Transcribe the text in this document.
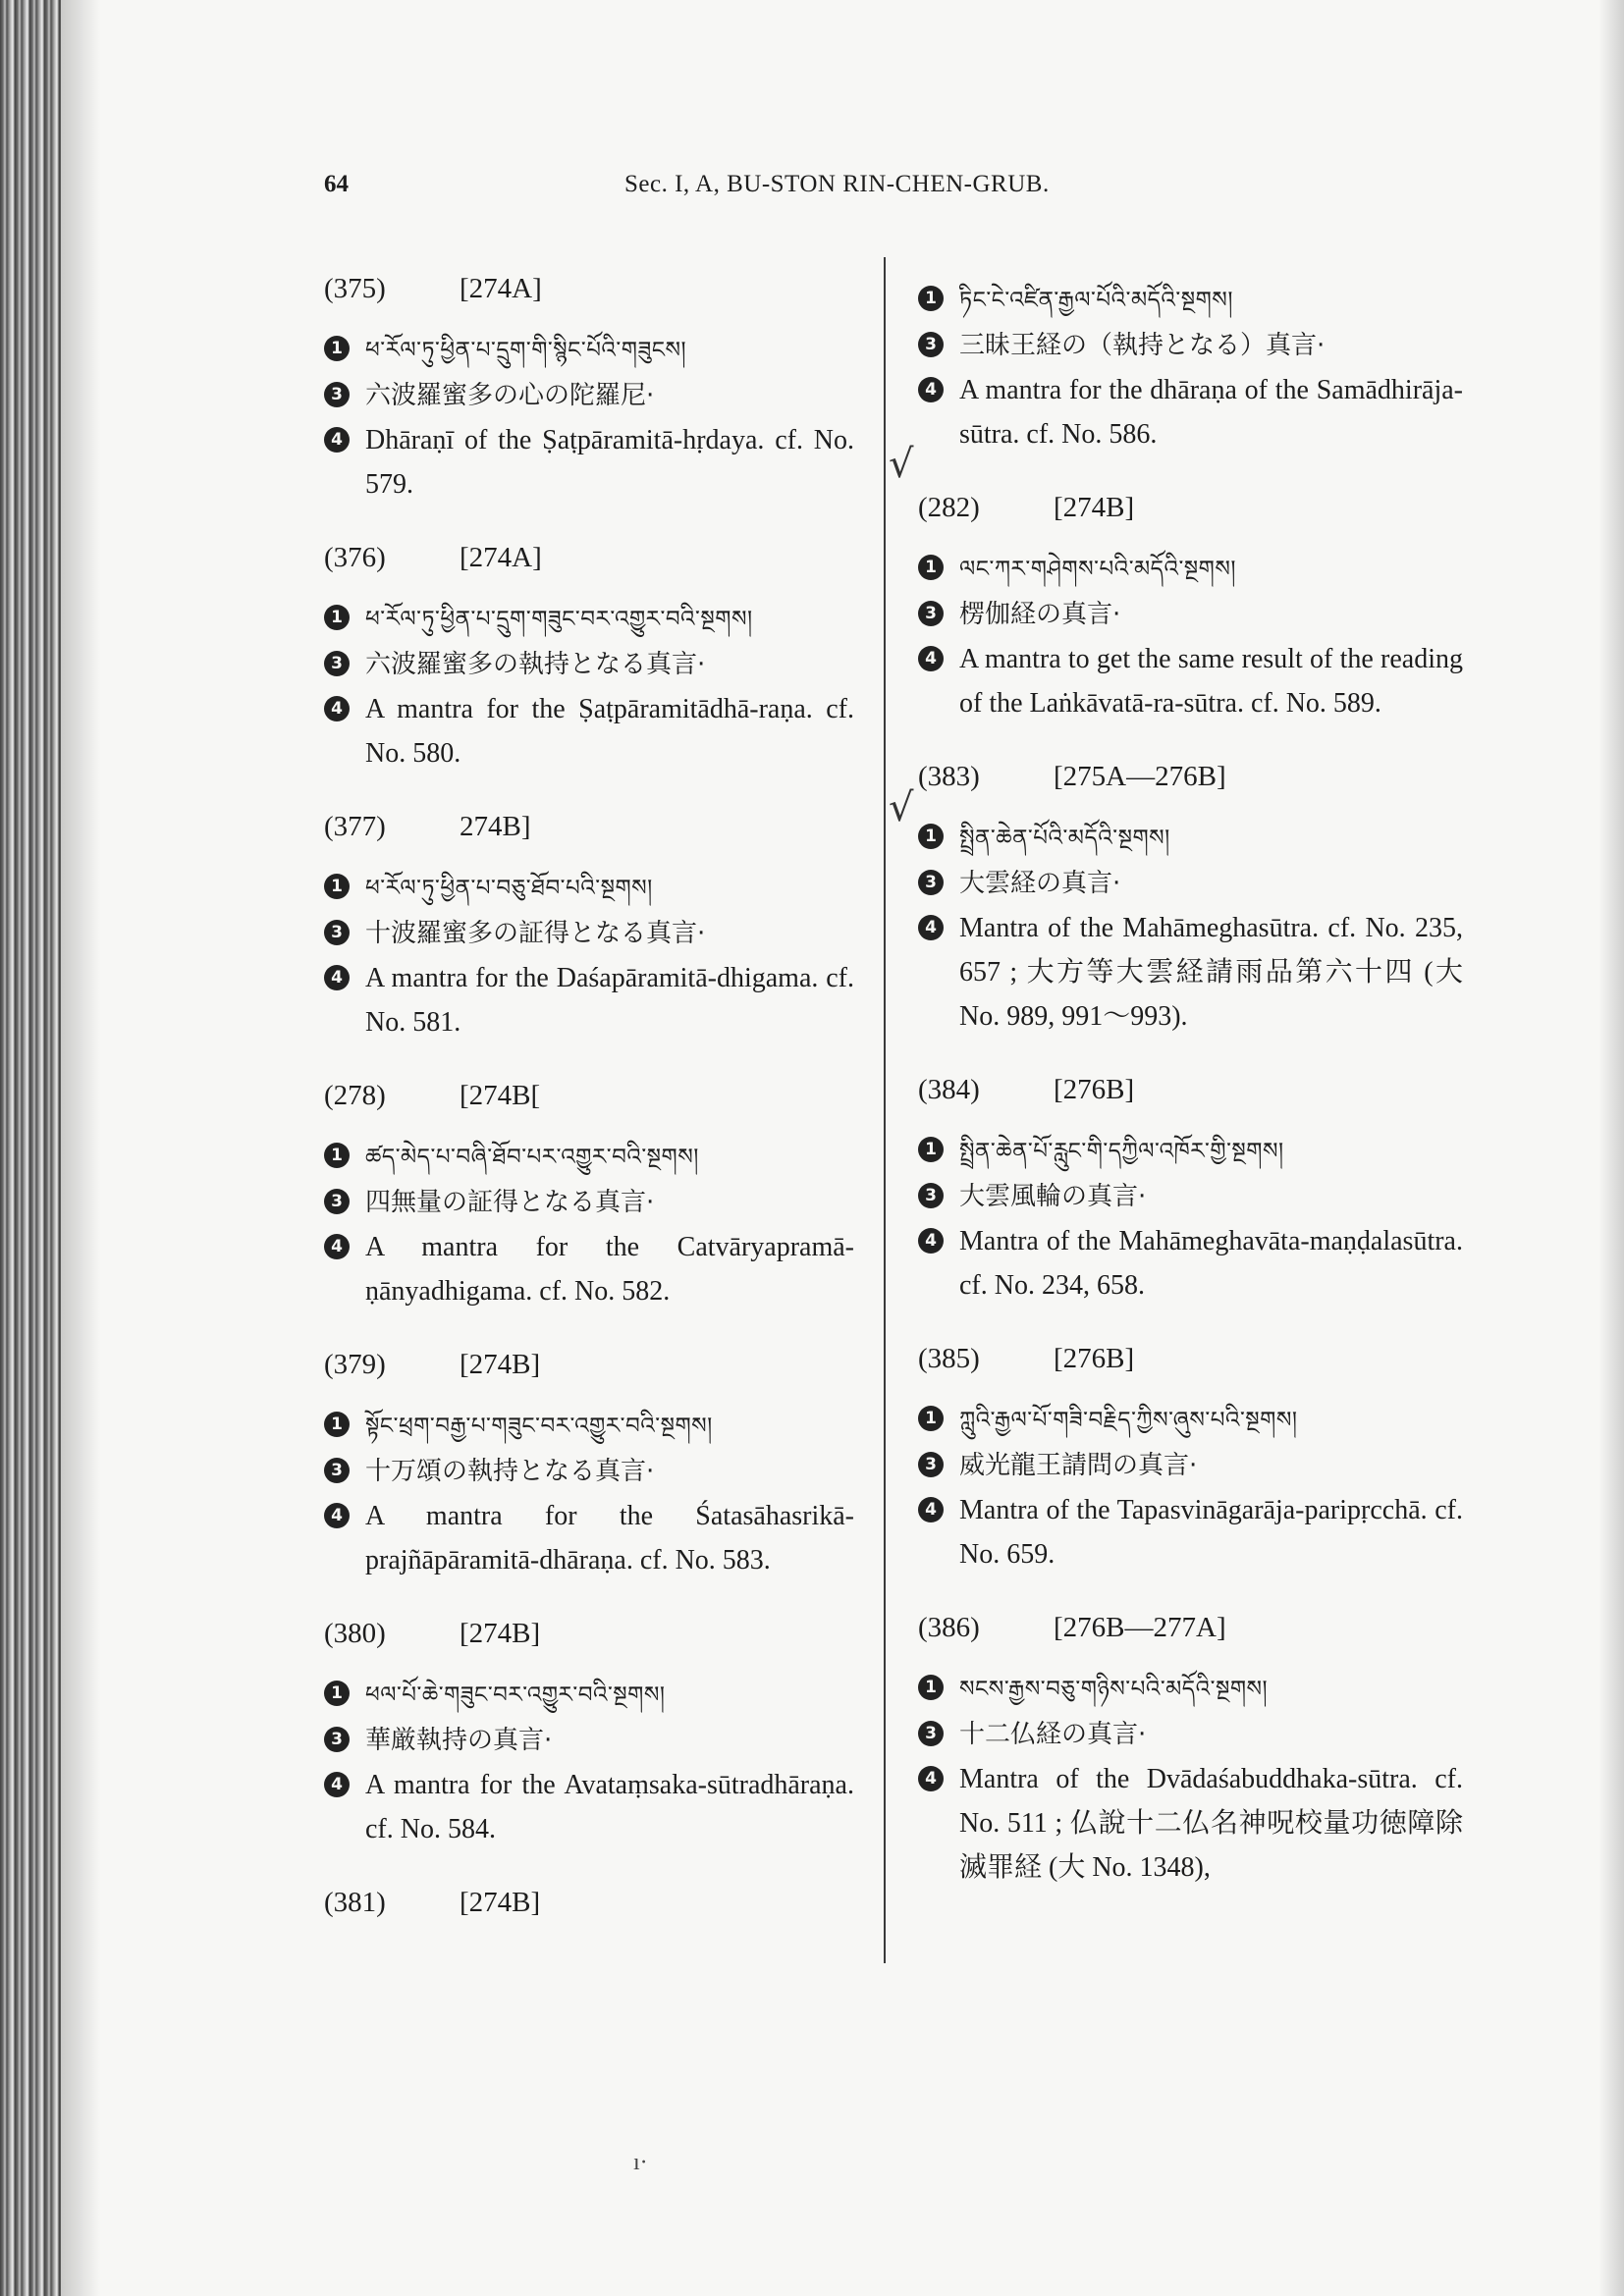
64	Sec. I, A, BU-STON RIN-CHEN-GRUB.
√
√
(375)	[274A]
1	ཕ་རོལ་ཏུ་ཕྱིན་པ་དྲུག་གི་སྙིང་པོའི་གཟུངས།
3 六波羅蜜多の心の陀羅尼·
4 Dhāraṇī of the Ṣaṭpāramitā-hṛdaya. cf. No. 579.
(376)	[274A]
1	ཕ་རོལ་ཏུ་ཕྱིན་པ་དྲུག་གཟུང་བར་འགྱུར་བའི་སྔགས།
3 六波羅蜜多の執持となる真言·
4 A mantra for the Ṣaṭpāramitādhā-raṇa. cf. No. 580.
(377)	274B]
1	ཕ་རོལ་ཏུ་ཕྱིན་པ་བཅུ་ཐོབ་པའི་སྔགས།
3 十波羅蜜多の証得となる真言·
4 A mantra for the Daśapāramitā-dhigama. cf. No. 581.
(278)	[274B[
1	ཚད་མེད་པ་བཞི་ཐོབ་པར་འགྱུར་བའི་སྔགས།
3 四無量の証得となる真言·
4 A mantra for the Catvāryapramā-ṇānyadhigama. cf. No. 582.
(379)	[274B]
1	སྟོང་ཕྲག་བརྒྱ་པ་གཟུང་བར་འགྱུར་བའི་སྔགས།
3 十万頌の執持となる真言·
4 A mantra for the Śatasāhasrikā-prajñāpāramitā-dhāraṇa. cf. No. 583.
(380)	[274B]
1	ཕལ་པོ་ཆེ་གཟུང་བར་འགྱུར་བའི་སྔགས།
3 華厳執持の真言·
4 A mantra for the Avataṃsaka-sūtradhāraṇa. cf. No. 584.
(381)	[274B]
1	ཏིང་ངེ་འཛིན་རྒྱལ་པོའི་མདོའི་སྔགས།
3 三昧王経の（執持となる）真言·
4 A mantra for the dhāraṇa of the Samādhirāja-sūtra. cf. No. 586.
(282)	[274B]
1	ལང་ཀར་གཤེགས་པའི་མདོའི་སྔགས།
3 楞伽経の真言·
4 A mantra to get the same result of the reading of the Laṅkāvatā-ra-sūtra. cf. No. 589.
(383)	[275A—276B]
1	སྤྲིན་ཆེན་པོའི་མདོའི་སྔགས།
3 大雲経の真言·
4 Mantra of the Mahāmeghasūtra. cf. No. 235, 657 ; 大方等大雲経請雨品第六十四 (大 No. 989, 991～993).
(384)	[276B]
1	སྤྲིན་ཆེན་པོ་རླུང་གི་དཀྱིལ་འཁོར་གྱི་སྔགས།
3 大雲風輪の真言·
4 Mantra of the Mahāmeghavāta-maṇḍalasūtra. cf. No. 234, 658.
(385)	[276B]
1	ཀླུའི་རྒྱལ་པོ་གཟི་བརྗིད་ཀྱིས་ཞུས་པའི་སྔགས།
3 威光龍王請問の真言·
4 Mantra of the Tapasvināgarāja-paripṛcchā. cf. No. 659.
(386)	[276B—277A]
1	སངས་རྒྱས་བཅུ་གཉིས་པའི་མདོའི་སྔགས།
3 十二仏経の真言·
4 Mantra of the Dvādaśabuddhaka-sūtra. cf. No. 511 ; 仏說十二仏名神呪校量功徳障除滅罪経 (大 No. 1348),
ı·
